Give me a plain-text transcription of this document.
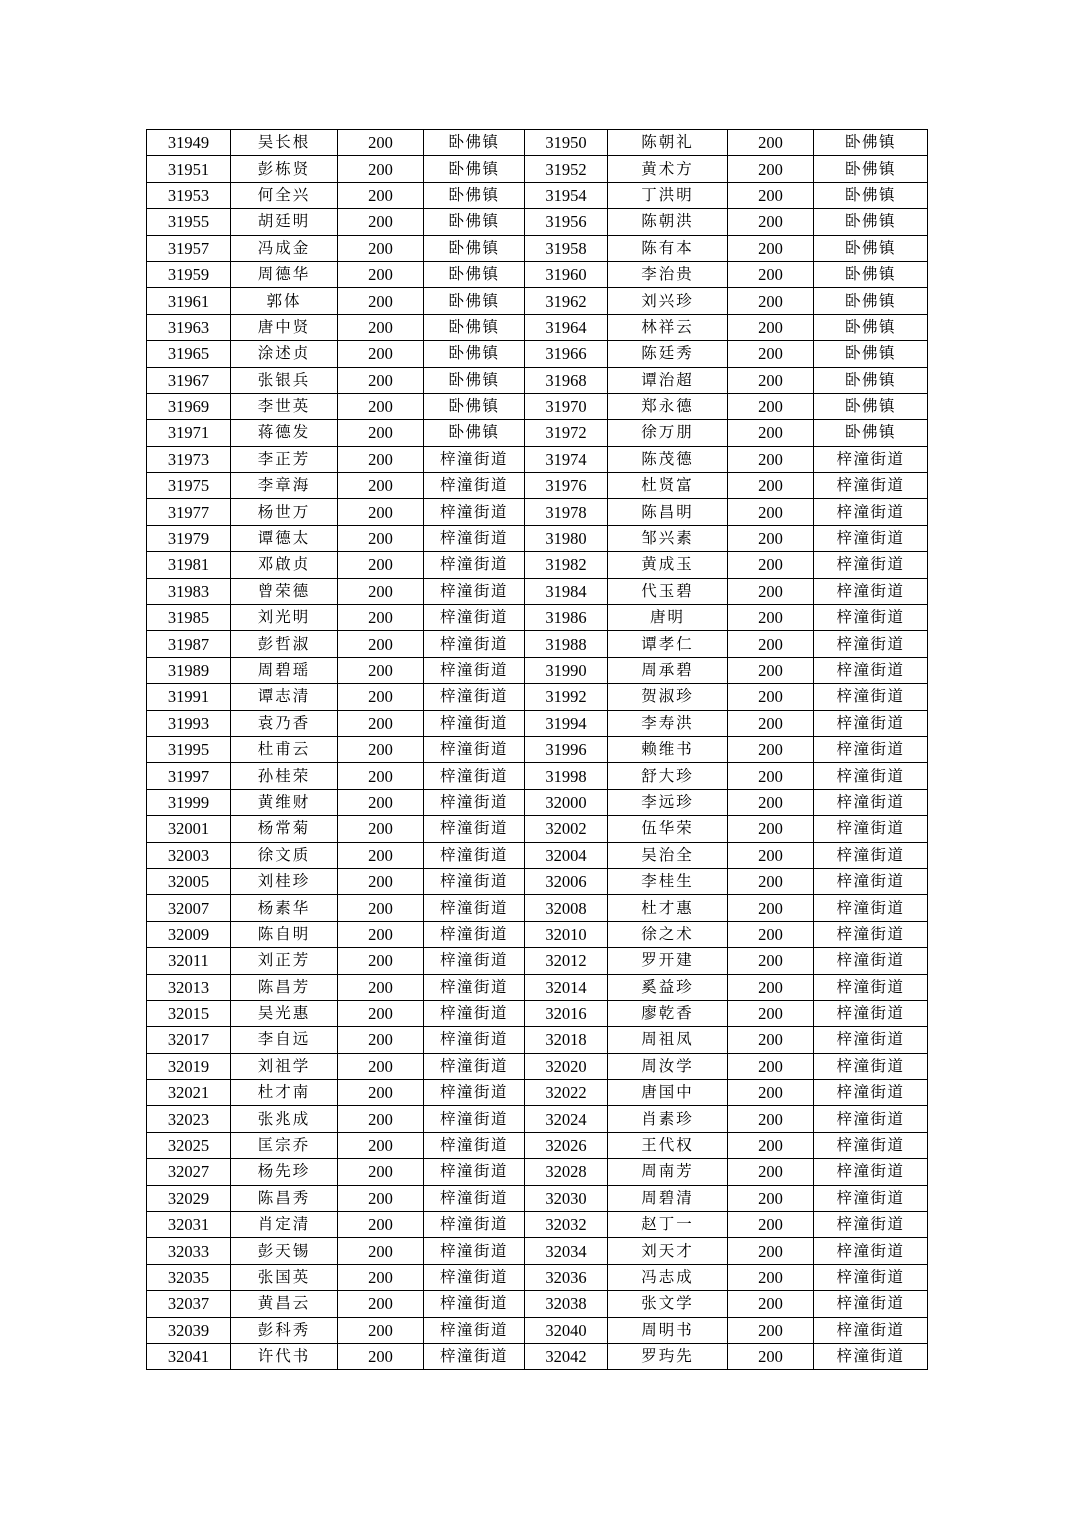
31949	吴长根	200	卧佛镇	31950	陈朝礼	200	卧佛镇
31951	彭栋贤	200	卧佛镇	31952	黄术方	200	卧佛镇
31953	何全兴	200	卧佛镇	31954	丁洪明	200	卧佛镇
31955	胡廷明	200	卧佛镇	31956	陈朝洪	200	卧佛镇
31957	冯成金	200	卧佛镇	31958	陈有本	200	卧佛镇
31959	周德华	200	卧佛镇	31960	李治贵	200	卧佛镇
31961	郭体	200	卧佛镇	31962	刘兴珍	200	卧佛镇
31963	唐中贤	200	卧佛镇	31964	林祥云	200	卧佛镇
31965	涂述贞	200	卧佛镇	31966	陈廷秀	200	卧佛镇
31967	张银兵	200	卧佛镇	31968	谭治超	200	卧佛镇
31969	李世英	200	卧佛镇	31970	郑永德	200	卧佛镇
31971	蒋德发	200	卧佛镇	31972	徐万朋	200	卧佛镇
31973	李正芳	200	梓潼街道	31974	陈茂德	200	梓潼街道
31975	李章海	200	梓潼街道	31976	杜贤富	200	梓潼街道
31977	杨世万	200	梓潼街道	31978	陈昌明	200	梓潼街道
31979	谭德太	200	梓潼街道	31980	邹兴素	200	梓潼街道
31981	邓啟贞	200	梓潼街道	31982	黄成玉	200	梓潼街道
31983	曾荣德	200	梓潼街道	31984	代玉碧	200	梓潼街道
31985	刘光明	200	梓潼街道	31986	唐明	200	梓潼街道
31987	彭哲淑	200	梓潼街道	31988	谭孝仁	200	梓潼街道
31989	周碧瑶	200	梓潼街道	31990	周承碧	200	梓潼街道
31991	谭志清	200	梓潼街道	31992	贺淑珍	200	梓潼街道
31993	袁乃香	200	梓潼街道	31994	李寿洪	200	梓潼街道
31995	杜甫云	200	梓潼街道	31996	赖维书	200	梓潼街道
31997	孙桂荣	200	梓潼街道	31998	舒大珍	200	梓潼街道
31999	黄维财	200	梓潼街道	32000	李远珍	200	梓潼街道
32001	杨常菊	200	梓潼街道	32002	伍华荣	200	梓潼街道
32003	徐文质	200	梓潼街道	32004	吴治全	200	梓潼街道
32005	刘桂珍	200	梓潼街道	32006	李桂生	200	梓潼街道
32007	杨素华	200	梓潼街道	32008	杜才惠	200	梓潼街道
32009	陈自明	200	梓潼街道	32010	徐之术	200	梓潼街道
32011	刘正芳	200	梓潼街道	32012	罗开建	200	梓潼街道
32013	陈昌芳	200	梓潼街道	32014	奚益珍	200	梓潼街道
32015	吴光惠	200	梓潼街道	32016	廖乾香	200	梓潼街道
32017	李自远	200	梓潼街道	32018	周祖凤	200	梓潼街道
32019	刘祖学	200	梓潼街道	32020	周汝学	200	梓潼街道
32021	杜才南	200	梓潼街道	32022	唐国中	200	梓潼街道
32023	张兆成	200	梓潼街道	32024	肖素珍	200	梓潼街道
32025	匡宗乔	200	梓潼街道	32026	王代权	200	梓潼街道
32027	杨先珍	200	梓潼街道	32028	周南芳	200	梓潼街道
32029	陈昌秀	200	梓潼街道	32030	周碧清	200	梓潼街道
32031	肖定清	200	梓潼街道	32032	赵丁一	200	梓潼街道
32033	彭天锡	200	梓潼街道	32034	刘天才	200	梓潼街道
32035	张国英	200	梓潼街道	32036	冯志成	200	梓潼街道
32037	黄昌云	200	梓潼街道	32038	张文学	200	梓潼街道
32039	彭科秀	200	梓潼街道	32040	周明书	200	梓潼街道
32041	许代书	200	梓潼街道	32042	罗玙先	200	梓潼街道
